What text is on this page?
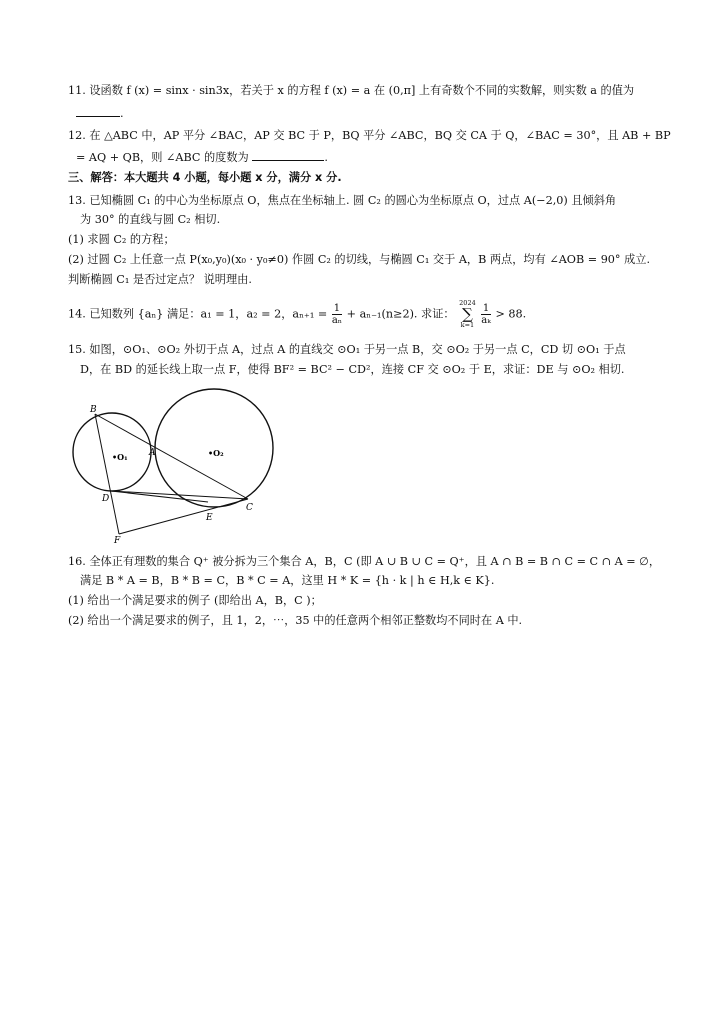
11. 设函数 f (x) = sinx · sin3x，若关于 x 的方程 f (x) = a 在 (0,π] 上有奇数个不同的实数解，则实数 a 的值为
.
12. 在 △ABC 中，AP 平分 ∠BAC，AP 交 BC 于 P，BQ 平分 ∠ABC，BQ 交 CA 于 Q，∠BAC = 30°，且 AB + BP
= AQ + QB，则 ∠ABC 的度数为	.
三、解答：本大题共 4 小题，每小题 x 分，满分 x 分.
13. 已知椭圆 C₁ 的中心为坐标原点 O，焦点在坐标轴上. 圆 C₂ 的圆心为坐标原点 O，过点 A(−2,0) 且倾斜角
为 30° 的直线与圆 C₂ 相切.
(1) 求圆 C₂ 的方程；
(2) 过圆 C₂ 上任意一点 P(x₀,y₀)(x₀ · y₀≠0) 作圆 C₂ 的切线，与椭圆 C₁ 交于 A，B 两点，均有 ∠AOB = 90° 成立.
判断椭圆 C₁ 是否过定点？ 说明理由.
14. 已知数列 {aₙ} 满足：a₁ = 1，a₂ = 2，$a_{n+1} = \frac{1}{\text{aₙ}} + a_{n-1}(n\ge 2)$. 求证： 2024
∑
$k=1 \frac{1}{\text{aₖ}} > 88$.
15. 如图，⊙O₁、⊙O₂ 外切于点 A，过点 A 的直线交 ⊙O₁ 于另一点 B，交 ⊙O₂ 于另一点 C，CD 切 ⊙O₁ 于点
D，在 BD 的延长线上取一点 F，使得 BF² = BC² − CD²，连接 CF 交 ⊙O₂ 于 E，求证：DE 与 ⊙O₂ 相切.
B
A
•O₁	•O₂
D
C
E
F
16. 全体正有理数的集合 Q⁺ 被分拆为三个集合 A，B，C (即 A ∪ B ∪ C = Q⁺，且 A ∩ B = B ∩ C = C ∩ A = ∅，
满足 B * A = B，B * B = C，B * C = A，这里 H * K = {h · k | h ∈ H,k ∈ K}.
(1) 给出一个满足要求的例子 (即给出 A，B，C )；
(2) 给出一个满足要求的例子，且 1，2，⋯，35 中的任意两个相邻正整数均不同时在 A 中.
